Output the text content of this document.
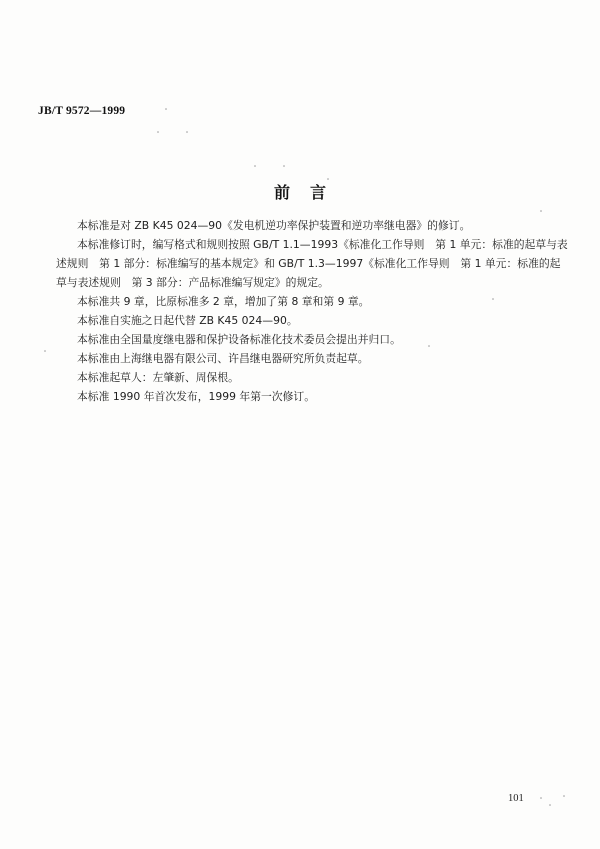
JB/T 9572—1999
前言

本标准是对 ZB K45 024—90《发电机逆功率保护装置和逆功率继电器》的修订。

本标准修订时，编写格式和规则按照 GB/T 1.1—1993《标准化工作导则　第 1 单元：标准的起草与表述规则　第 1 部分：标准编写的基本规定》和 GB/T 1.3—1997《标准化工作导则　第 1 单元：标准的起草与表述规则　第 3 部分：产品标准编写规定》的规定。

本标准共 9 章，比原标准多 2 章，增加了第 8 章和第 9 章。

本标准自实施之日起代替 ZB K45 024—90。

本标准由全国量度继电器和保护设备标准化技术委员会提出并归口。

本标准由上海继电器有限公司、许昌继电器研究所负责起草。

本标准起草人：左肇新、周保根。

本标准 1990 年首次发布，1999 年第一次修订。

101
